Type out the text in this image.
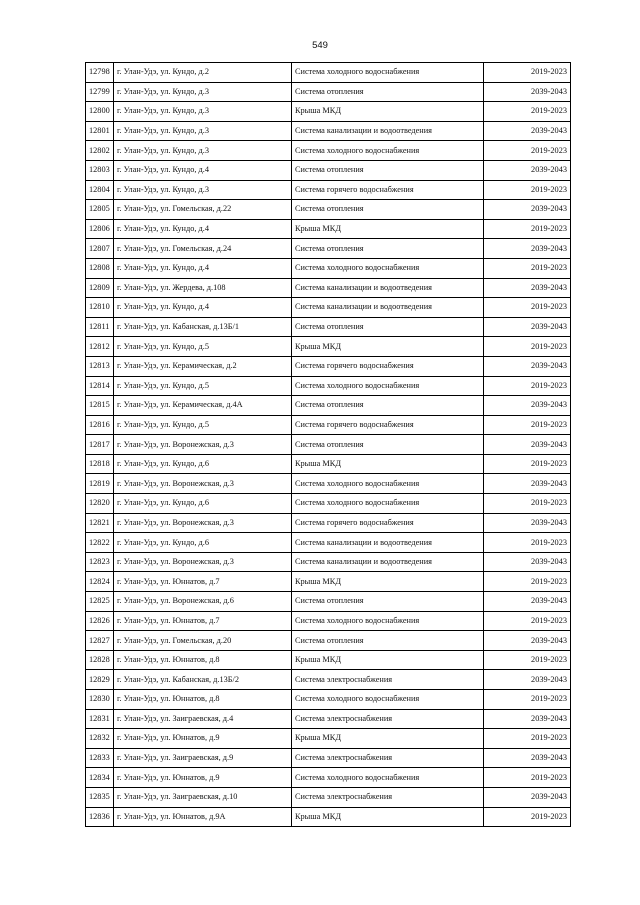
549
12798	г. Улан-Удэ, ул. Кундо, д.2	Система холодного водоснабжения	2019-2023
12799	г. Улан-Удэ, ул. Кундо, д.3	Система отопления	2039-2043
12800	г. Улан-Удэ, ул. Кундо, д.3	Крыша МКД	2019-2023
12801	г. Улан-Удэ, ул. Кундо, д.3	Система канализации и водоотведения	2039-2043
12802	г. Улан-Удэ, ул. Кундо, д.3	Система холодного водоснабжения	2019-2023
12803	г. Улан-Удэ, ул. Кундо, д.4	Система отопления	2039-2043
12804	г. Улан-Удэ, ул. Кундо, д.3	Система горячего водоснабжения	2019-2023
12805	г. Улан-Удэ, ул. Гомельская, д.22	Система отопления	2039-2043
12806	г. Улан-Удэ, ул. Кундо, д.4	Крыша МКД	2019-2023
12807	г. Улан-Удэ, ул. Гомельская, д.24	Система отопления	2039-2043
12808	г. Улан-Удэ, ул. Кундо, д.4	Система холодного водоснабжения	2019-2023
12809	г. Улан-Удэ, ул. Жердева, д.108	Система канализации и водоотведения	2039-2043
12810	г. Улан-Удэ, ул. Кундо, д.4	Система канализации и водоотведения	2019-2023
12811	г. Улан-Удэ, ул. Кабанская, д.13Б/1	Система отопления	2039-2043
12812	г. Улан-Удэ, ул. Кундо, д.5	Крыша МКД	2019-2023
12813	г. Улан-Удэ, ул. Керамическая, д.2	Система горячего водоснабжения	2039-2043
12814	г. Улан-Удэ, ул. Кундо, д.5	Система холодного водоснабжения	2019-2023
12815	г. Улан-Удэ, ул. Керамическая, д.4А	Система отопления	2039-2043
12816	г. Улан-Удэ, ул. Кундо, д.5	Система горячего водоснабжения	2019-2023
12817	г. Улан-Удэ, ул. Воронежская, д.3	Система отопления	2039-2043
12818	г. Улан-Удэ, ул. Кундо, д.6	Крыша МКД	2019-2023
12819	г. Улан-Удэ, ул. Воронежская, д.3	Система холодного водоснабжения	2039-2043
12820	г. Улан-Удэ, ул. Кундо, д.6	Система холодного водоснабжения	2019-2023
12821	г. Улан-Удэ, ул. Воронежская, д.3	Система горячего водоснабжения	2039-2043
12822	г. Улан-Удэ, ул. Кундо, д.6	Система канализации и водоотведения	2019-2023
12823	г. Улан-Удэ, ул. Воронежская, д.3	Система канализации и водоотведения	2039-2043
12824	г. Улан-Удэ, ул. Юннатов, д.7	Крыша МКД	2019-2023
12825	г. Улан-Удэ, ул. Воронежская, д.6	Система отопления	2039-2043
12826	г. Улан-Удэ, ул. Юннатов, д.7	Система холодного водоснабжения	2019-2023
12827	г. Улан-Удэ, ул. Гомельская, д.20	Система отопления	2039-2043
12828	г. Улан-Удэ, ул. Юннатов, д.8	Крыша МКД	2019-2023
12829	г. Улан-Удэ, ул. Кабанская, д.13Б/2	Система электроснабжения	2039-2043
12830	г. Улан-Удэ, ул. Юннатов, д.8	Система холодного водоснабжения	2019-2023
12831	г. Улан-Удэ, ул. Заиграевская, д.4	Система электроснабжения	2039-2043
12832	г. Улан-Удэ, ул. Юннатов, д.9	Крыша МКД	2019-2023
12833	г. Улан-Удэ, ул. Заиграевская, д.9	Система электроснабжения	2039-2043
12834	г. Улан-Удэ, ул. Юннатов, д.9	Система холодного водоснабжения	2019-2023
12835	г. Улан-Удэ, ул. Заиграевская, д.10	Система электроснабжения	2039-2043
12836	г. Улан-Удэ, ул. Юннатов, д.9А	Крыша МКД	2019-2023
